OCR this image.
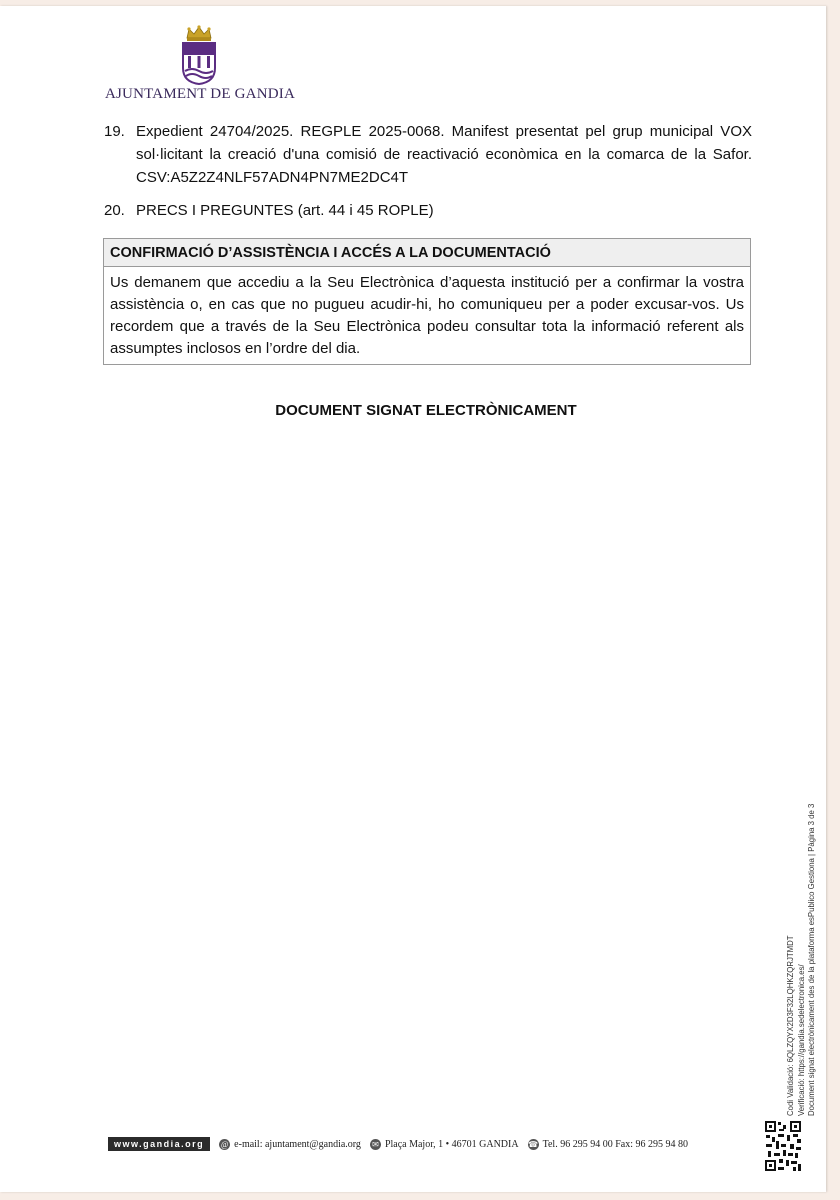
AJUNTAMENT DE GANDIA
19. Expedient 24704/2025. REGPLE 2025-0068. Manifest presentat pel grup municipal VOX sol·licitant la creació d'una comisió de reactivació econòmica en la comarca de la Safor. CSV:A5Z2Z4NLF57ADN4PN7ME2DC4T
20. PRECS I PREGUNTES (art. 44 i 45 ROPLE)
CONFIRMACIÓ D’ASSISTÈNCIA I ACCÉS A LA DOCUMENTACIÓ
Us demanem que accediu a la Seu Electrònica d’aquesta institució per a confirmar la vostra assistència o, en cas que no pugueu acudir-hi, ho comuniqueu per a poder excusar-vos. Us recordem que a través de la Seu Electrònica podeu consultar tota la informació referent als assumptes inclosos en l’ordre del dia.
DOCUMENT SIGNAT ELECTRÒNICAMENT
Codi Validació: 6QLZQYX2D3F32LQHKZQRJTMDT Verificació: https://gandia.sedelectronica.es/ Document signat electrònicament des de la plataforma esPublico Gestiona | Pàgina 3 de 3
www.gandia.org	@ e-mail: ajuntament@gandia.org ✉ Plaça Major, 1 • 46701 GANDIA ☎ Tel. 96 295 94 00 Fax: 96 295 94 80
